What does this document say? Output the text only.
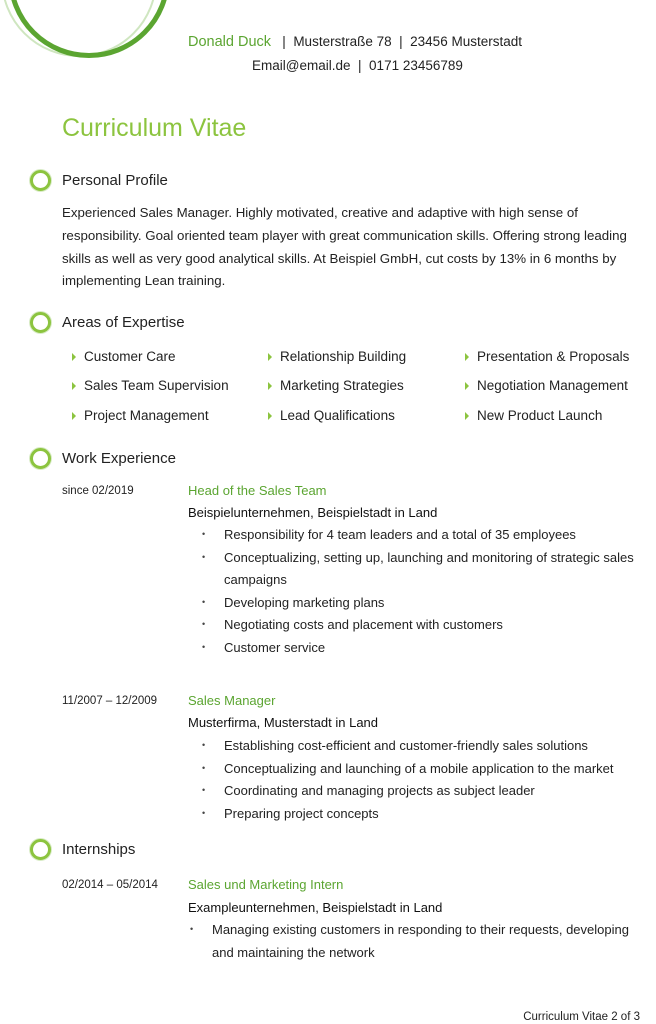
Donald Duck | Musterstraße 78 | 23456 Musterstadt
Email@email.de | 0171 23456789
Curriculum Vitae
Personal Profile
Experienced Sales Manager. Highly motivated, creative and adaptive with high sense of responsibility. Goal oriented team player with great communication skills. Offering strong leading skills as well as very good analytical skills. At Beispiel GmbH, cut costs by 13% in 6 months by implementing Lean training.
Areas of Expertise
Customer Care	Relationship Building	Presentation & Proposals
Sales Team Supervision	Marketing Strategies	Negotiation Management
Project Management	Lead Qualifications	New Product Launch
Work Experience
since 02/2019	Head of the Sales Team
Beispielunternehmen, Beispielstadt in Land
• Responsibility for 4 team leaders and a total of 35 employees
• Conceptualizing, setting up, launching and monitoring of strategic sales campaigns
• Developing marketing plans
• Negotiating costs and placement with customers
• Customer service
11/2007 – 12/2009 Sales Manager
Musterfirma, Musterstadt in Land
• Establishing cost-efficient and customer-friendly sales solutions
• Conceptualizing and launching of a mobile application to the market
• Coordinating and managing projects as subject leader
• Preparing project concepts
Internships
02/2014 – 05/2014 Sales und Marketing Intern
Exampleunternehmen, Beispielstadt in Land
• Managing existing customers in responding to their requests, developing and maintaining the network
Curriculum Vitae 2 of 3
